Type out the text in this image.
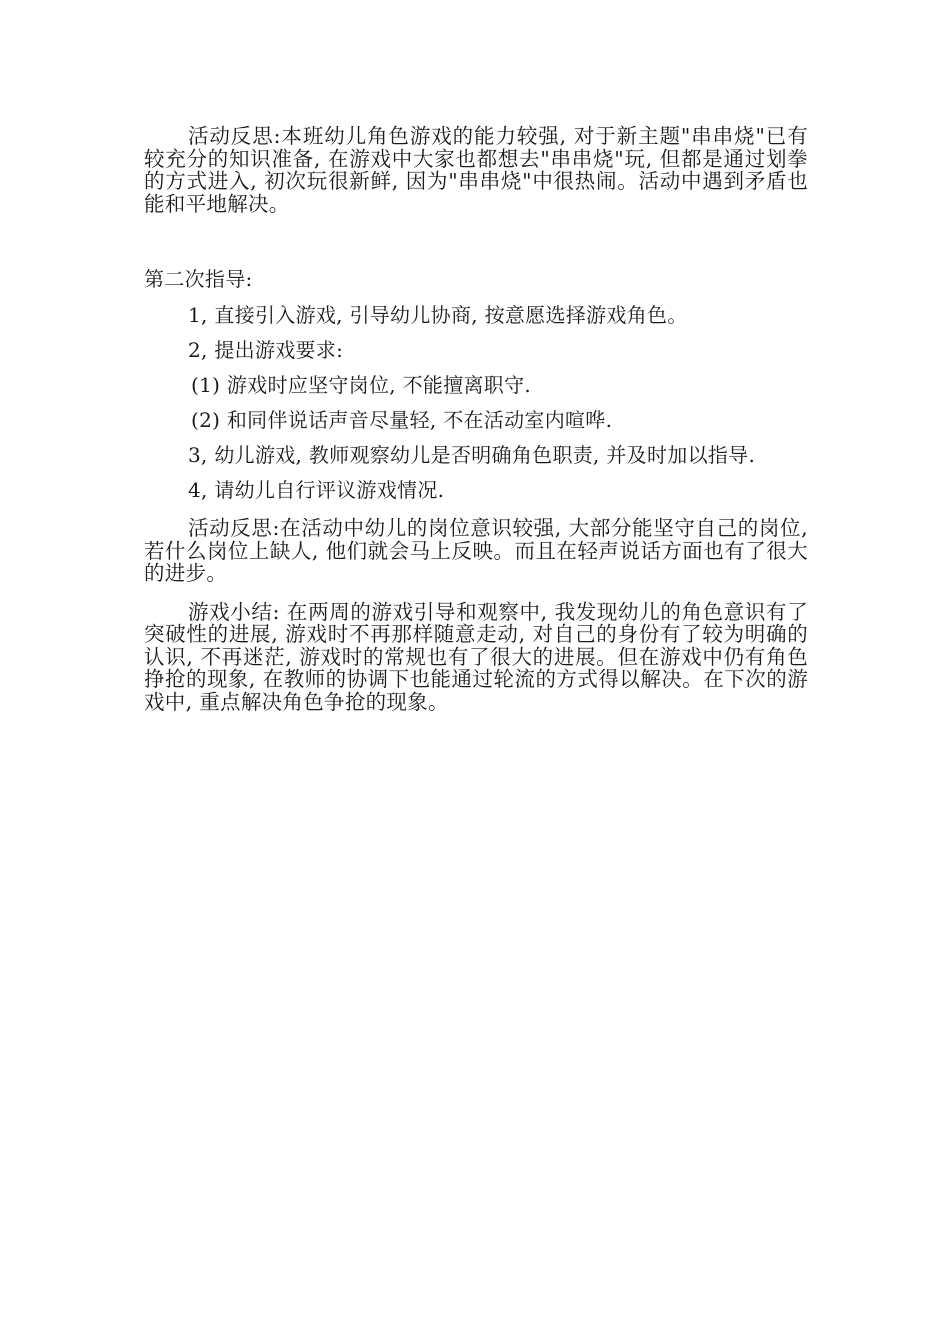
活动反思:本班幼儿角色游戏的能力较强, 对于新主题"串串烧"已有较充分的知识准备, 在游戏中大家也都想去"串串烧"玩, 但都是通过划拳的方式进入, 初次玩很新鲜, 因为"串串烧"中很热闹。活动中遇到矛盾也能和平地解决。

第二次指导:

1, 直接引入游戏, 引导幼儿协商, 按意愿选择游戏角色。

2, 提出游戏要求:

(1) 游戏时应坚守岗位, 不能擅离职守.

(2) 和同伴说话声音尽量轻, 不在活动室内喧哗.

3, 幼儿游戏, 教师观察幼儿是否明确角色职责, 并及时加以指导.

4, 请幼儿自行评议游戏情况.

活动反思:在活动中幼儿的岗位意识较强, 大部分能坚守自己的岗位, 若什么岗位上缺人, 他们就会马上反映。而且在轻声说话方面也有了很大的进步。

游戏小结: 在两周的游戏引导和观察中, 我发现幼儿的角色意识有了突破性的进展, 游戏时不再那样随意走动, 对自己的身份有了较为明确的认识, 不再迷茫, 游戏时的常规也有了很大的进展。但在游戏中仍有角色挣抢的现象, 在教师的协调下也能通过轮流的方式得以解决。在下次的游戏中, 重点解决角色争抢的现象。
